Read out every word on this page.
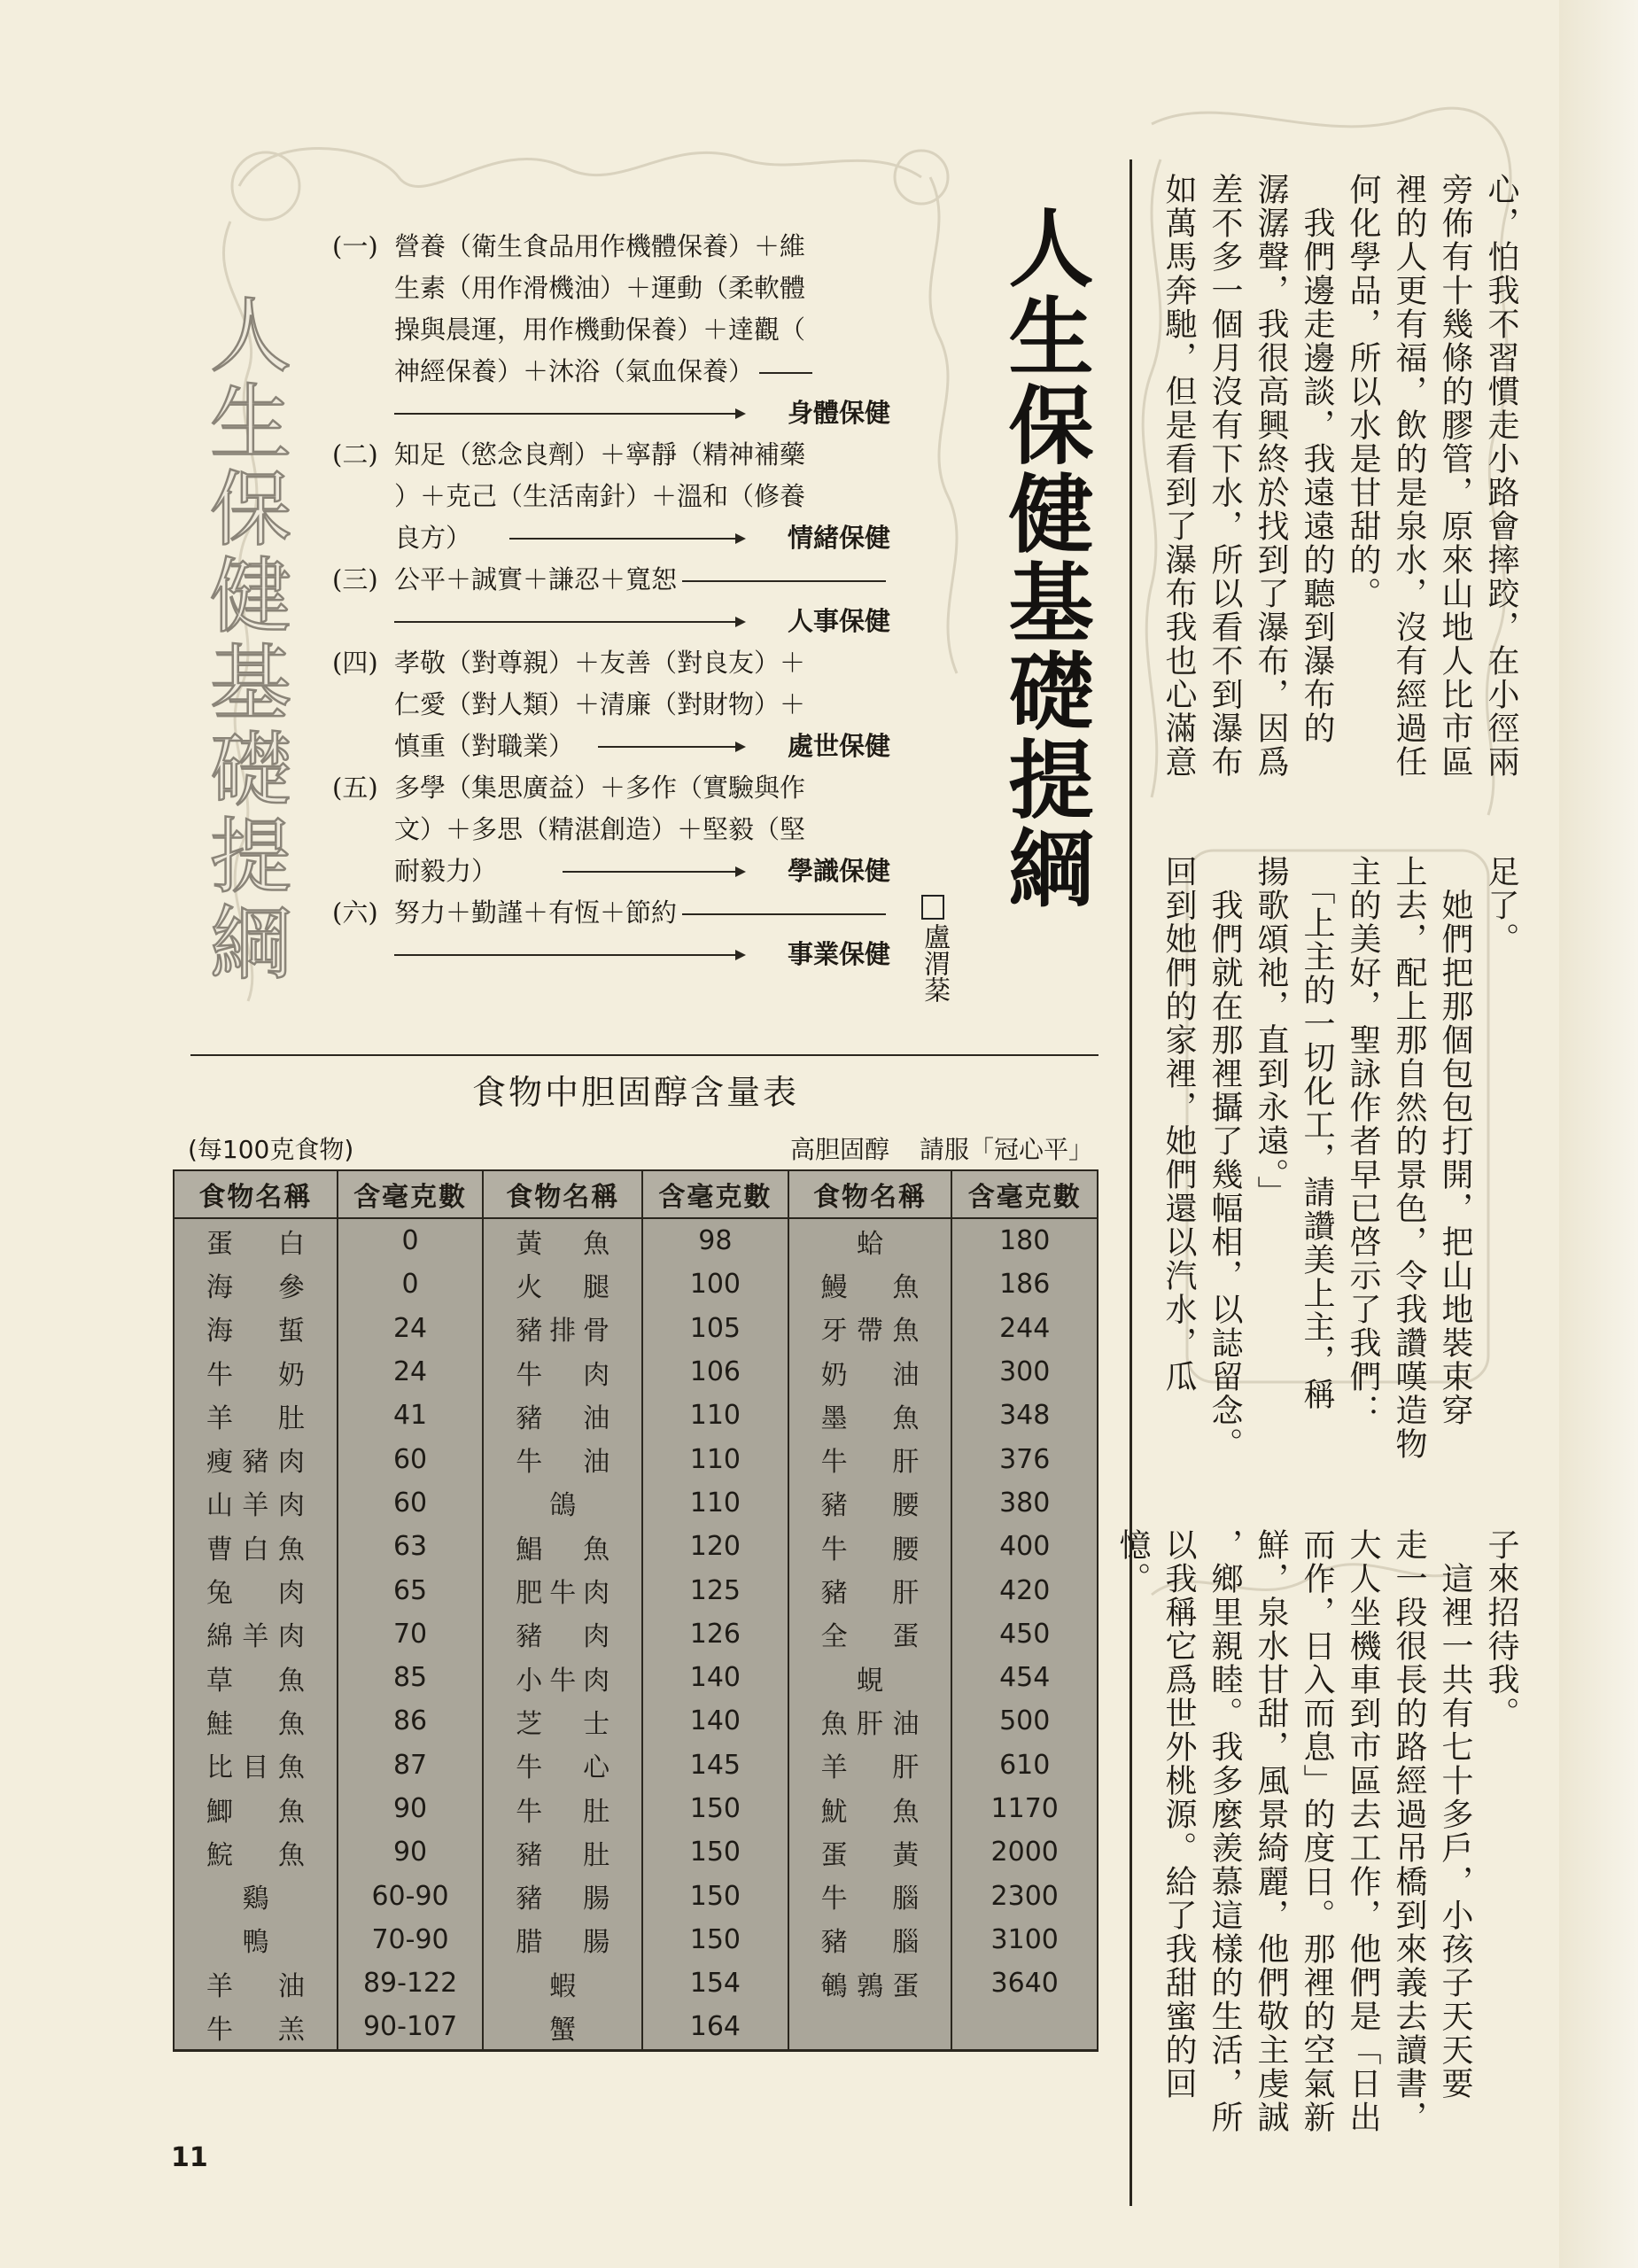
人生保健基礎提綱
(一) 營養（衛生食品用作機體保養）＋維
生素（用作滑機油）＋運動（柔軟體
操與晨運，用作機動保養）＋達觀（
神經保養）＋沐浴（氣血保養）
身體保健
(二) 知足（慾念良劑）＋寧靜（精神補藥
）＋克己（生活南針）＋溫和（修養
良方）	情緒保健
(三) 公平＋誠實＋謙忍＋寬恕
人事保健
(四) 孝敬（對尊親）＋友善（對良友）＋
仁愛（對人類）＋清廉（對財物）＋
慎重（對職業）	處世保健
(五) 多學（集思廣益）＋多作（實驗與作
文）＋多思（精湛創造）＋堅毅（堅
耐毅力）	學識保健
(六) 努力＋勤謹＋有恆＋節約
事業保健
人生保健基礎提綱
盧渭棻
食物中胆固醇含量表
(每100克食物)	高胆固醇 請服「冠心平」
食物名稱	含毫克數	食物名稱	含毫克數	食物名稱	含毫克數
蛋白	0	黃魚	98	蛤	180
海參	0	火腿	100	鰻魚	186
海蜇	24	豬排骨	105	牙帶魚	244
牛奶	24	牛肉	106	奶油	300
羊肚	41	豬油	110	墨魚	348
瘦豬肉	60	牛油	110	牛肝	376
山羊肉	60	鴿	110	豬腰	380
曹白魚	63	鯧魚	120	牛腰	400
兔肉	65	肥牛肉	125	豬肝	420
綿羊肉	70	豬肉	126	全蛋	450
草魚	85	小牛肉	140	蜆	454
鮭魚	86	芝士	140	魚肝油	500
比目魚	87	牛心	145	羊肝	610
鯽魚	90	牛肚	150	魷魚	1170
鯇魚	90	豬肚	150	蛋黃	2000
鷄	60-90	豬腸	150	牛腦	2300
鴨	70-90	腊腸	150	豬腦	3100
羊油	89-122	蝦	154	鵪鶉蛋	3640
牛羔	90-107	蟹	164		
11
心，怕我不習慣走小路會摔跤，在小徑兩
旁佈有十幾條的膠管，原來山地人比市區
裡的人更有福，飲的是泉水，沒有經過任
何化學品，所以水是甘甜的。
　我們邊走邊談，我遠遠的聽到瀑布的
潺潺聲，我很高興終於找到了瀑布，因爲
差不多一個月沒有下水，所以看不到瀑布
如萬馬奔馳，但是看到了瀑布我也心滿意
足了。
　她們把那個包包打開，把山地裝束穿
上去，配上那自然的景色，令我讚嘆造物
主的美好，聖詠作者早已啓示了我們：
　「上主的一切化工，請讚美上主，稱
揚歌頌祂，直到永遠。」
　我們就在那裡攝了幾幅相，以誌留念。
回到她們的家裡，她們還以汽水，瓜
子來招待我。
　這裡一共有七十多戶，小孩子天天要
走一段很長的路經過吊橋到來義去讀書，
大人坐機車到市區去工作，他們是「日出
而作，日入而息」的度日。那裡的空氣新
鮮，泉水甘甜，風景綺麗，他們敬主虔誠
，鄉里親睦。我多麼羨慕這樣的生活，所
以我稱它爲世外桃源。給了我甜蜜的回憶。
